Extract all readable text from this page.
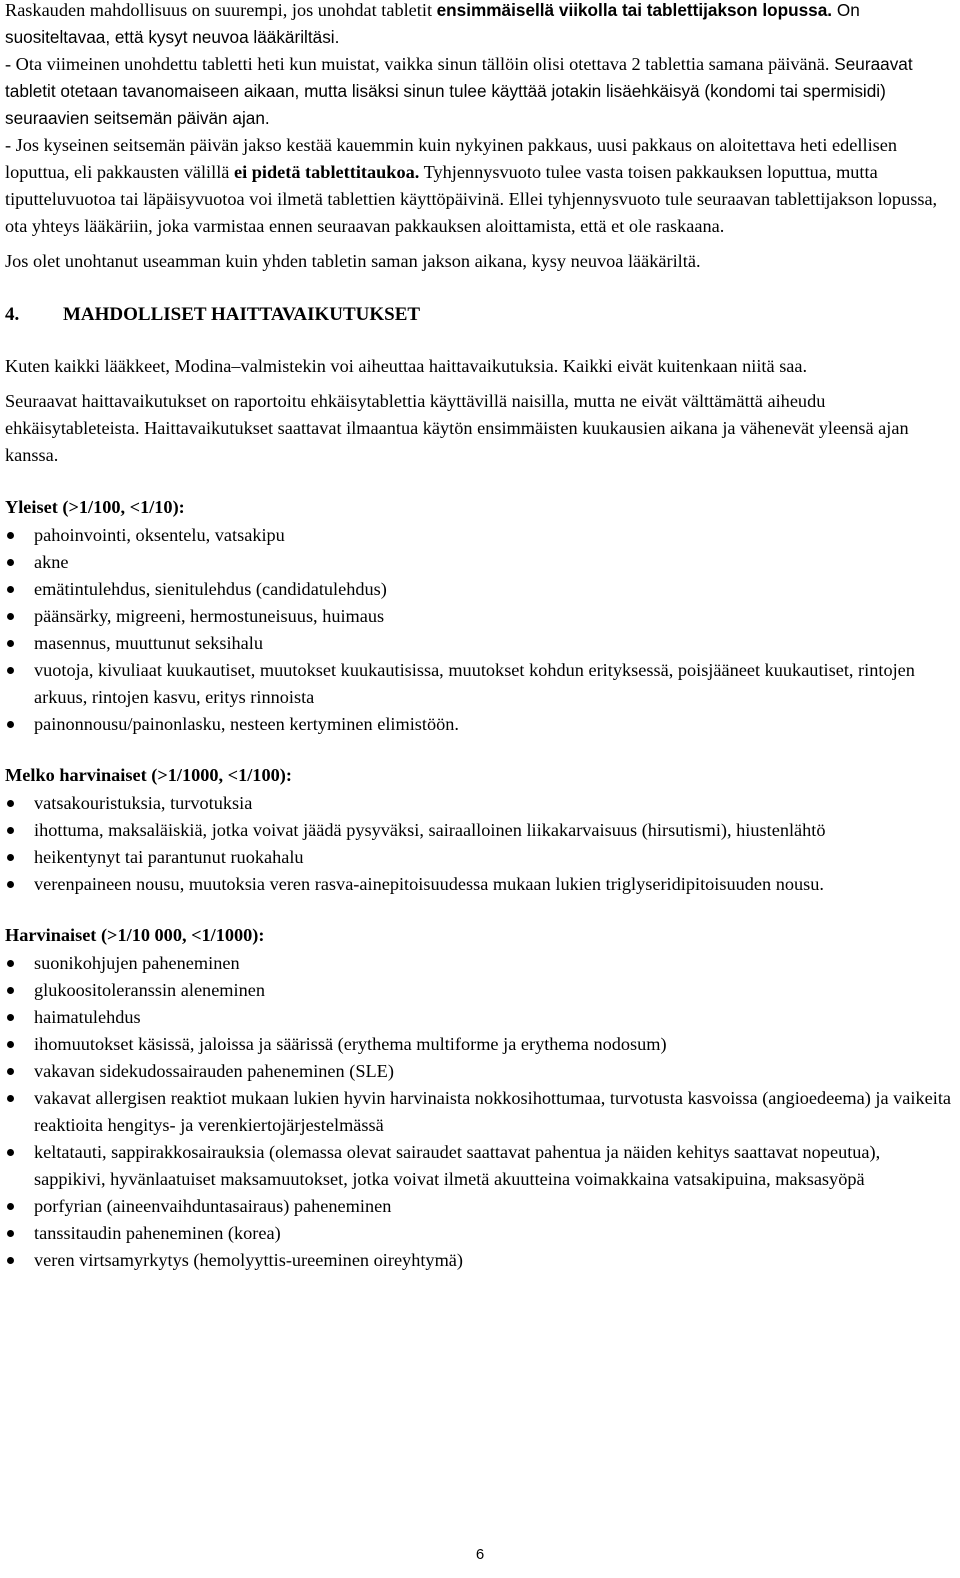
Raskauden mahdollisuus on suurempi, jos unohdat tabletit ensimmäisellä viikolla tai tablettijakson lopussa. On suositeltavaa, että kysyt neuvoa lääkäriltäsi.

- Ota viimeinen unohdettu tabletti heti kun muistat, vaikka sinun tällöin olisi otettava 2 tablettia samana päivänä. Seuraavat tabletit otetaan tavanomaiseen aikaan, mutta lisäksi sinun tulee käyttää jotakin lisäehkäisyä (kondomi tai spermisidi) seuraavien seitsemän päivän ajan.

- Jos kyseinen seitsemän päivän jakso kestää kauemmin kuin nykyinen pakkaus, uusi pakkaus on aloitettava heti edellisen loputtua, eli pakkausten välillä ei pidetä tablettitaukoa. Tyhjennysvuoto tulee vasta toisen pakkauksen loputtua, mutta tiputteluvuotoa tai läpäisyvuotoa voi ilmetä tablettien käyttöpäivinä. Ellei tyhjennysvuoto tule seuraavan tablettijakson lopussa, ota yhteys lääkäriin, joka varmistaa ennen seuraavan pakkauksen aloittamista, että et ole raskaana.

Jos olet unohtanut useamman kuin yhden tabletin saman jakson aikana, kysy neuvoa lääkäriltä.

4. MAHDOLLISET HAITTAVAIKUTUKSET

Kuten kaikki lääkkeet, Modina–valmistekin voi aiheuttaa haittavaikutuksia. Kaikki eivät kuitenkaan niitä saa.

Seuraavat haittavaikutukset on raportoitu ehkäisytablettia käyttävillä naisilla, mutta ne eivät välttämättä aiheudu ehkäisytableteista. Haittavaikutukset saattavat ilmaantua käytön ensimmäisten kuukausien aikana ja vähenevät yleensä ajan kanssa.

Yleiset (>1/100, <1/10):

pahoinvointi, oksentelu, vatsakipu
akne
emätintulehdus, sienitulehdus (candidatulehdus)
päänsärky, migreeni, hermostuneisuus, huimaus
masennus, muuttunut seksihalu
vuotoja, kivuliaat kuukautiset, muutokset kuukautisissa, muutokset kohdun erityksessä, poisjääneet kuukautiset, rintojen arkuus, rintojen kasvu, eritys rinnoista
painonnousu/painonlasku, nesteen kertyminen elimistöön.

Melko harvinaiset (>1/1000, <1/100):

vatsakouristuksia, turvotuksia
ihottuma, maksaläiskiä, jotka voivat jäädä pysyväksi, sairaalloinen liikakarvaisuus (hirsutismi), hiustenlähtö
heikentynyt tai parantunut ruokahalu
verenpaineen nousu, muutoksia veren rasva-ainepitoisuudessa mukaan lukien triglyseridipitoisuuden nousu.

Harvinaiset (>1/10 000, <1/1000):

suonikohjujen paheneminen
glukoositoleranssin aleneminen
haimatulehdus
ihomuutokset käsissä, jaloissa ja säärissä (erythema multiforme ja erythema nodosum)
vakavan sidekudossairauden paheneminen (SLE)
vakavat allergisen reaktiot mukaan lukien hyvin harvinaista nokkosihottumaa, turvotusta kasvoissa (angioedeema) ja vaikeita reaktioita hengitys- ja verenkiertojärjestelmässä
keltatauti, sappirakkosairauksia (olemassa olevat sairaudet saattavat pahentua ja näiden kehitys saattavat nopeutua), sappikivi, hyvänlaatuiset maksamuutokset, jotka voivat ilmetä akuutteina voimakkaina vatsakipuina, maksasyöpä
porfyrian (aineenvaihduntasairaus) paheneminen
tanssitaudin paheneminen (korea)
veren virtsamyrkytys (hemolyyttis-ureeminen oireyhtymä)
6
